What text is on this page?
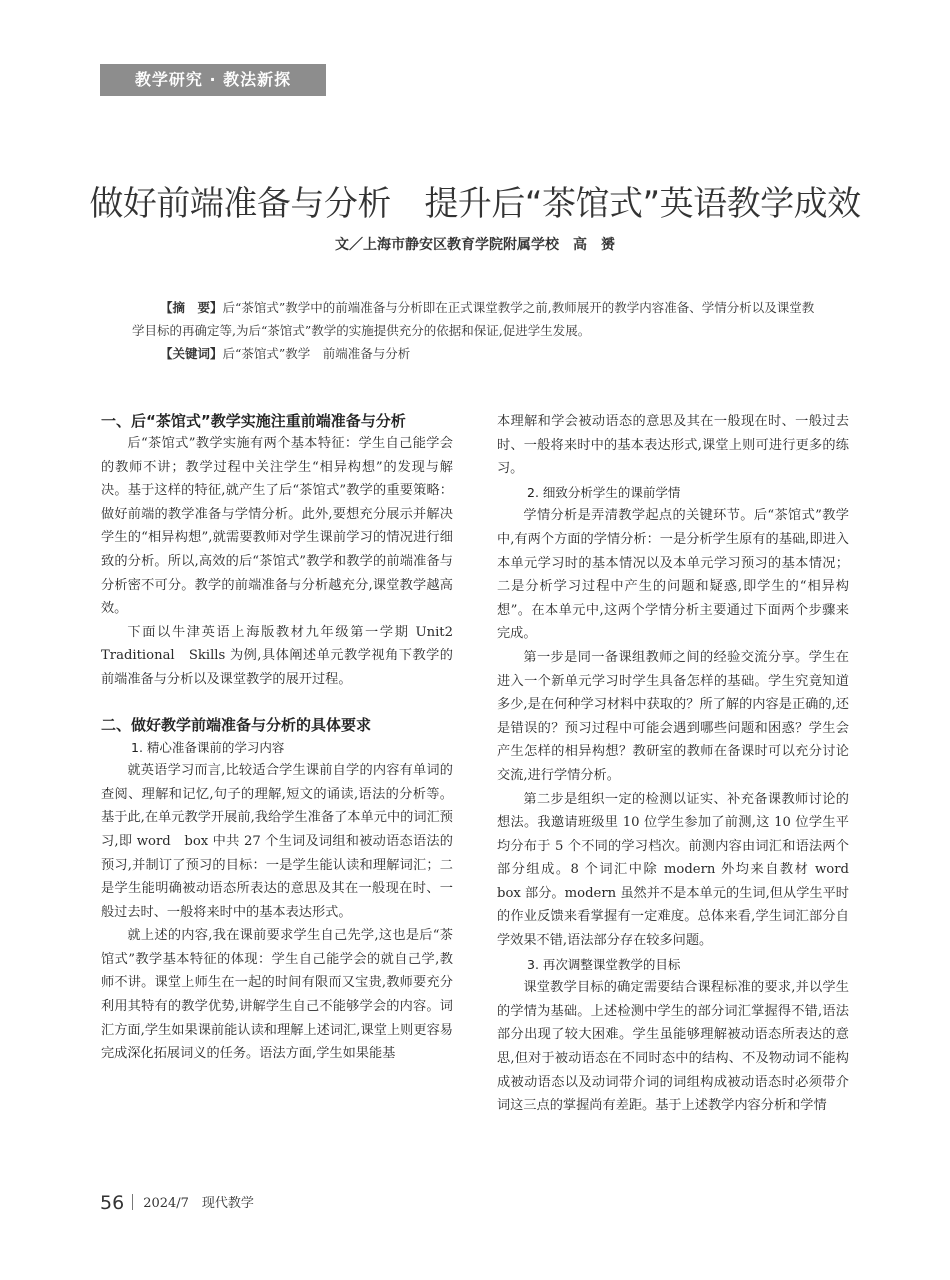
教学研究 · 教法新探
做好前端准备与分析　提升后“茶馆式”英语教学成效
文／上海市静安区教育学院附属学校　高　赟

【摘　要】后“茶馆式”教学中的前端准备与分析即在正式课堂教学之前,教师展开的教学内容准备、学情分析以及课堂教学目标的再确定等,为后“茶馆式”教学的实施提供充分的依据和保证,促进学生发展。

【关键词】后“茶馆式”教学　前端准备与分析

一、后“茶馆式”教学实施注重前端准备与分析

后“茶馆式”教学实施有两个基本特征：学生自己能学会的教师不讲；教学过程中关注学生“相异构想”的发现与解决。基于这样的特征,就产生了后“茶馆式”教学的重要策略：做好前端的教学准备与学情分析。此外,要想充分展示并解决学生的“相异构想”,就需要教师对学生课前学习的情况进行细致的分析。所以,高效的后“茶馆式”教学和教学的前端准备与分析密不可分。教学的前端准备与分析越充分,课堂教学越高效。

下面以牛津英语上海版教材九年级第一学期 Unit2　Traditional　Skills 为例,具体阐述单元教学视角下教学的前端准备与分析以及课堂教学的展开过程。

二、做好教学前端准备与分析的具体要求
1. 精心准备课前的学习内容

就英语学习而言,比较适合学生课前自学的内容有单词的查阅、理解和记忆,句子的理解,短文的诵读,语法的分析等。基于此,在单元教学开展前,我给学生准备了本单元中的词汇预习,即 word　box 中共 27 个生词及词组和被动语态语法的预习,并制订了预习的目标：一是学生能认读和理解词汇；二是学生能明确被动语态所表达的意思及其在一般现在时、一般过去时、一般将来时中的基本表达形式。

就上述的内容,我在课前要求学生自己先学,这也是后“茶馆式”教学基本特征的体现：学生自己能学会的就自己学,教师不讲。课堂上师生在一起的时间有限而又宝贵,教师要充分利用其特有的教学优势,讲解学生自己不能够学会的内容。词汇方面,学生如果课前能认读和理解上述词汇,课堂上则更容易完成深化拓展词义的任务。语法方面,学生如果能基

本理解和学会被动语态的意思及其在一般现在时、一般过去时、一般将来时中的基本表达形式,课堂上则可进行更多的练习。

2. 细致分析学生的课前学情

学情分析是弄清教学起点的关键环节。后“茶馆式”教学中,有两个方面的学情分析：一是分析学生原有的基础,即进入本单元学习时的基本情况以及本单元学习预习的基本情况；二是分析学习过程中产生的问题和疑惑,即学生的“相异构想”。在本单元中,这两个学情分析主要通过下面两个步骤来完成。

第一步是同一备课组教师之间的经验交流分享。学生在进入一个新单元学习时学生具备怎样的基础。学生究竟知道多少,是在何种学习材料中获取的？所了解的内容是正确的,还是错误的？预习过程中可能会遇到哪些问题和困惑？学生会产生怎样的相异构想？教研室的教师在备课时可以充分讨论交流,进行学情分析。

第二步是组织一定的检测以证实、补充备课教师讨论的想法。我邀请班级里 10 位学生参加了前测,这 10 位学生平均分布于 5 个不同的学习档次。前测内容由词汇和语法两个部分组成。8 个词汇中除 modern 外均来自教材 word　box 部分。modern 虽然并不是本单元的生词,但从学生平时的作业反馈来看掌握有一定难度。总体来看,学生词汇部分自学效果不错,语法部分存在较多问题。

3. 再次调整课堂教学的目标

课堂教学目标的确定需要结合课程标准的要求,并以学生的学情为基础。上述检测中学生的部分词汇掌握得不错,语法部分出现了较大困难。学生虽能够理解被动语态所表达的意思,但对于被动语态在不同时态中的结构、不及物动词不能构成被动语态以及动词带介词的词组构成被动语态时必须带介词这三点的掌握尚有差距。基于上述教学内容分析和学情

56 2024/7　现代教学
